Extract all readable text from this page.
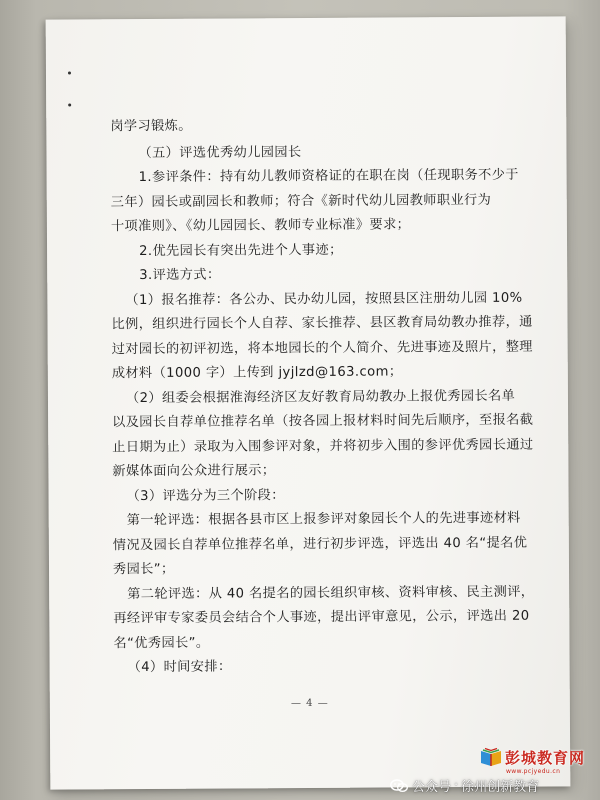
岗学习锻炼。
（五）评选优秀幼儿园园长
1.参评条件：持有幼儿教师资格证的在职在岗（任现职务不少于
三年）园长或副园长和教师；符合《新时代幼儿园教师职业行为
十项准则》、《幼儿园园长、教师专业标准》要求；
2.优先园长有突出先进个人事迹；
3.评选方式：
（1）报名推荐：各公办、民办幼儿园，按照县区注册幼儿园 10%
比例，组织进行园长个人自荐、家长推荐、县区教育局幼教办推荐，通
过对园长的初评初选，将本地园长的个人简介、先进事迹及照片，整理
成材料（1000 字）上传到 jyjlzd@163.com；
（2）组委会根据淮海经济区友好教育局幼教办上报优秀园长名单
以及园长自荐单位推荐名单（按各园上报材料时间先后顺序，至报名截
止日期为止）录取为入围参评对象，并将初步入围的参评优秀园长通过
新媒体面向公众进行展示；
（3）评选分为三个阶段：
第一轮评选：根据各县市区上报参评对象园长个人的先进事迹材料
情况及园长自荐单位推荐名单，进行初步评选，评选出 40 名“提名优
秀园长”；
第二轮评选：从 40 名提名的园长组织审核、资料审核、民主测评，
再经评审专家委员会结合个人事迹，提出评审意见，公示，评选出 20
名“优秀园长”。
（4）时间安排：
— 4 —
彭城教育网
www.pcjyedu.cn
公众号 · 徐州创新教育
